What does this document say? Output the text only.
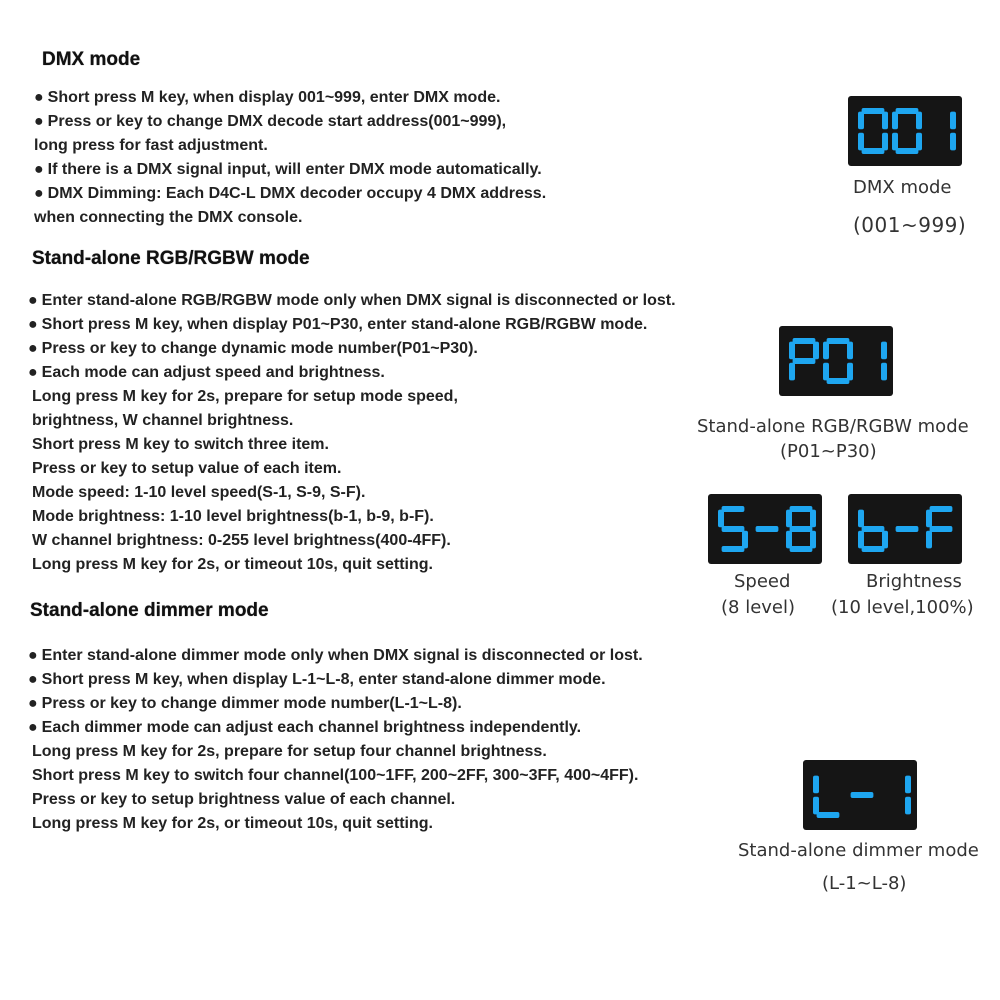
DMX mode
● Short press M key, when display 001~999, enter DMX mode.
● Press or key to change DMX decode start address(001~999),
long press for fast adjustment.
● If there is a DMX signal input, will enter DMX mode automatically.
● DMX Dimming: Each D4C-L DMX decoder occupy 4 DMX address.
when connecting the DMX console.
DMX mode
(001~999)
Stand-alone RGB/RGBW mode
● Enter stand-alone RGB/RGBW mode only when DMX signal is disconnected or lost.
● Short press M key, when display P01~P30, enter stand-alone RGB/RGBW mode.
● Press or key to change dynamic mode number(P01~P30).
● Each mode can adjust speed and brightness.
Long press M key for 2s, prepare for setup mode speed,
brightness, W channel brightness.
Short press M key to switch three item.
Press or key to setup value of each item.
Mode speed: 1-10 level speed(S-1, S-9, S-F).
Mode brightness: 1-10 level brightness(b-1, b-9, b-F).
W channel brightness: 0-255 level brightness(400-4FF).
Long press M key for 2s, or timeout 10s, quit setting.
Stand-alone RGB/RGBW mode
(P01~P30)
Speed
(8 level)
Brightness
(10 level,100%)
Stand-alone dimmer mode
● Enter stand-alone dimmer mode only when DMX signal is disconnected or lost.
● Short press M key, when display L-1~L-8, enter stand-alone dimmer mode.
● Press or key to change dimmer mode number(L-1~L-8).
● Each dimmer mode can adjust each channel brightness independently.
Long press M key for 2s, prepare for setup four channel brightness.
Short press M key to switch four channel(100~1FF, 200~2FF, 300~3FF, 400~4FF).
Press or key to setup brightness value of each channel.
Long press M key for 2s, or timeout 10s, quit setting.
Stand-alone dimmer mode
(L-1~L-8)
